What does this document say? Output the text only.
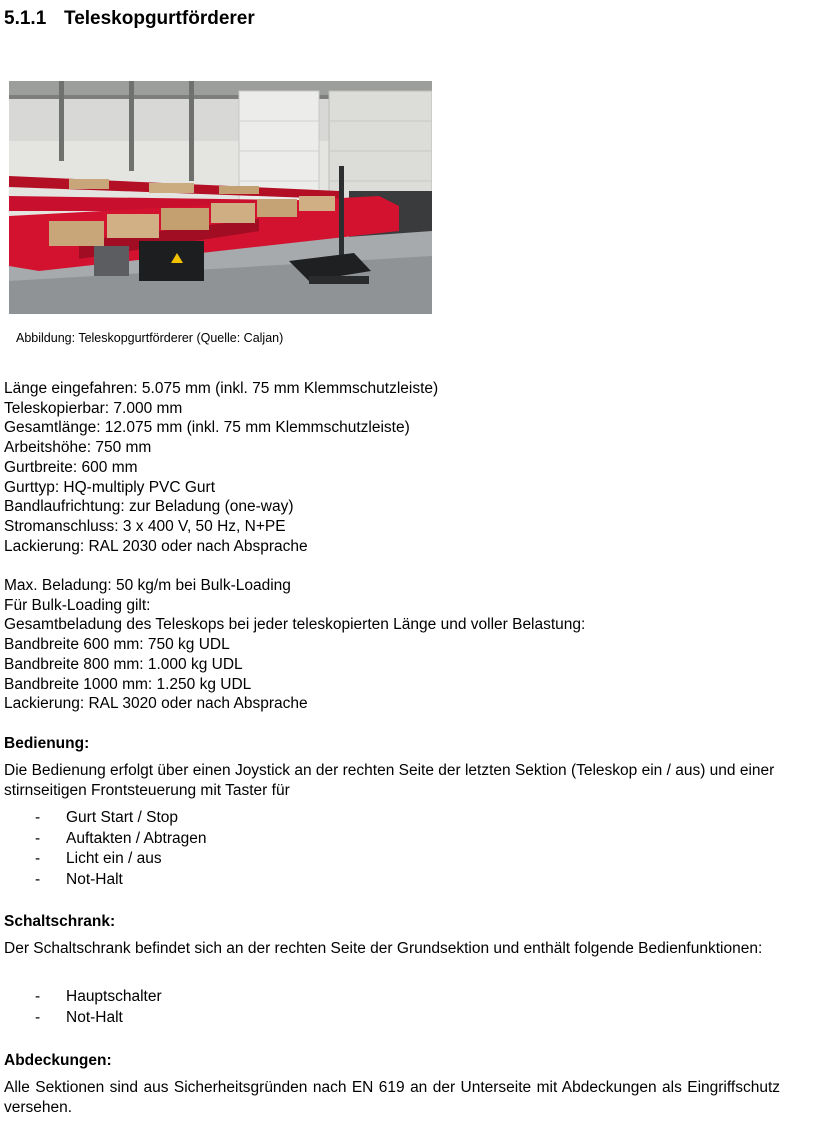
5.1.1 Teleskopgurtförderer
Abbildung: Teleskopgurtförderer (Quelle: Caljan)
Länge eingefahren: 5.075 mm (inkl. 75 mm Klemmschutzleiste)
Teleskopierbar: 7.000 mm
Gesamtlänge: 12.075 mm (inkl. 75 mm Klemmschutzleiste)
Arbeitshöhe: 750 mm
Gurtbreite: 600 mm
Gurttyp: HQ-multiply PVC Gurt
Bandlaufrichtung: zur Beladung (one-way)
Stromanschluss: 3 x 400 V, 50 Hz, N+PE
Lackierung: RAL 2030 oder nach Absprache
Max. Beladung: 50 kg/m bei Bulk-Loading
Für Bulk-Loading gilt:
Gesamtbeladung des Teleskops bei jeder teleskopierten Länge und voller Belastung:
Bandbreite 600 mm: 750 kg UDL
Bandbreite 800 mm: 1.000 kg UDL
Bandbreite 1000 mm: 1.250 kg UDL
Lackierung: RAL 3020 oder nach Absprache
Bedienung:
Die Bedienung erfolgt über einen Joystick an der rechten Seite der letzten Sektion (Teleskop ein / aus) und einer stirnseitigen Frontsteuerung mit Taster für
- Gurt Start / Stop
- Auftakten / Abtragen
- Licht ein / aus
- Not-Halt
Schaltschrank:
Der Schaltschrank befindet sich an der rechten Seite der Grundsektion und enthält folgende Bedienfunktionen:
- Hauptschalter
- Not-Halt
Abdeckungen:
Alle Sektionen sind aus Sicherheitsgründen nach EN 619 an der Unterseite mit Abdeckungen als Eingriffschutz versehen.
